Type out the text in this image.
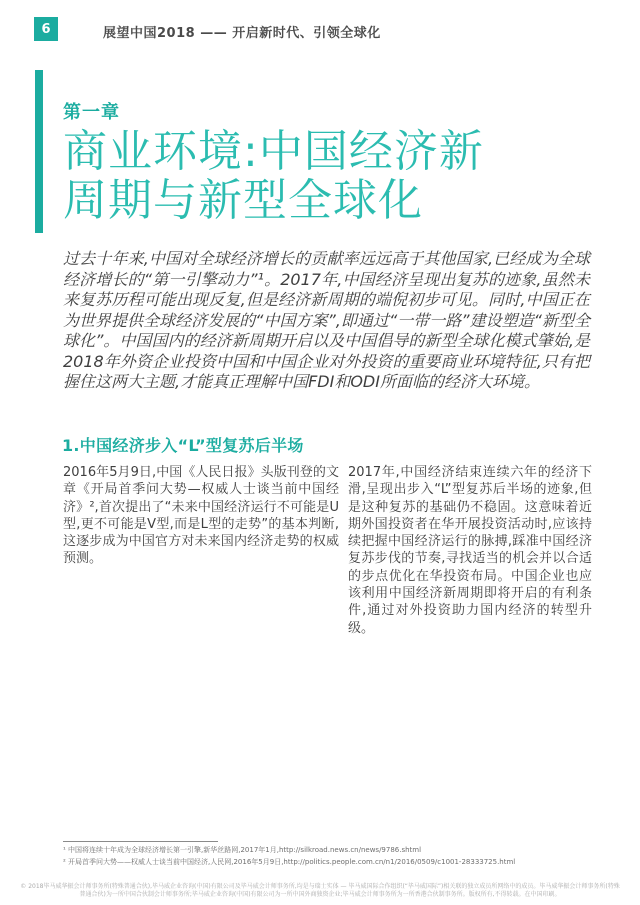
6	展望中国2018 —— 开启新时代、引领全球化
第一章
商业环境:中国经济新
周期与新型全球化
过去十年来,中国对全球经济增长的贡献率远远高于其他国家,已经成为全球经济增长的“第一引擎动力”¹。2017年,中国经济呈现出复苏的迹象,虽然未来复苏历程可能出现反复,但是经济新周期的端倪初步可见。同时,中国正在为世界提供全球经济发展的“中国方案”,即通过“一带一路”建设塑造“新型全球化”。中国国内的经济新周期开启以及中国倡导的新型全球化模式肇始,是2018年外资企业投资中国和中国企业对外投资的重要商业环境特征,只有把握住这两大主题,才能真正理解中国FDI和ODI所面临的经济大环境。
1.中国经济步入“L”型复苏后半场
2016年5月9日,中国《人民日报》头版刊登的文章《开局首季问大势—权威人士谈当前中国经济》²,首次提出了“未来中国经济运行不可能是U型,更不可能是V型,而是L型的走势”的基本判断,这逐步成为中国官方对未来国内经济走势的权威预测。
2017年,中国经济结束连续六年的经济下滑,呈现出步入“L”型复苏后半场的迹象,但是这种复苏的基础仍不稳固。这意味着近期外国投资者在华开展投资活动时,应该持续把握中国经济运行的脉搏,踩准中国经济复苏步伐的节奏,寻找适当的机会并以合适的步点优化在华投资布局。中国企业也应该利用中国经济新周期即将开启的有利条件,通过对外投资助力国内经济的转型升级。
¹ 中国将连续十年成为全球经济增长第一引擎,新华丝路网,2017年1月,http://silkroad.news.cn/news/9786.shtml
² 开局首季问大势——权威人士谈当前中国经济,人民网,2016年5月9日,http://politics.people.com.cn/n1/2016/0509/c1001-28333725.html
© 2018毕马威华振会计师事务所(特殊普通合伙),毕马威企业咨询(中国)有限公司及毕马威会计师事务所,均是与瑞士实体 — 毕马威国际合作组织(“毕马威国际”)相关联的独立成员所网络中的成员。毕马威华振会计师事务所(特殊普通合伙)为一所中国合伙制会计师事务所;毕马威企业咨询(中国)有限公司为一所中国外商独资企业;毕马威会计师事务所为一所香港合伙制事务所。版权所有,不得转载。在中国印刷。
